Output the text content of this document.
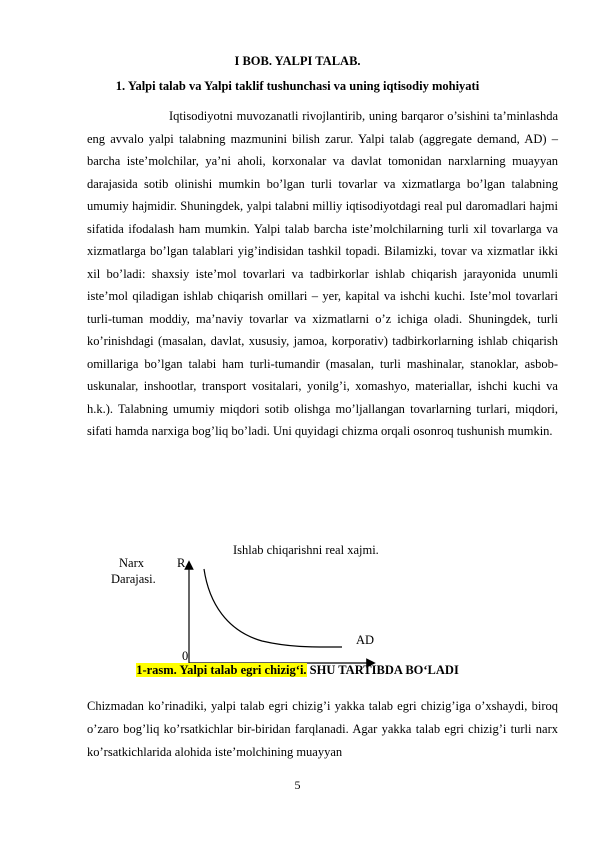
I BOB. YALPI TALAB.
1. Yalpi talab va Yalpi taklif tushunchasi va uning iqtisodiy mohiyati

Iqtisodiyotni muvozanatli rivojlantirib, uning barqaror o’sishini ta’minlashda eng avvalo yalpi talabning mazmunini bilish zarur. Yalpi talab (aggregate demand, AD) – barcha iste’molchilar, ya’ni aholi, korxonalar va davlat tomonidan narxlarning muayyan darajasida sotib olinishi mumkin bo’lgan turli tovarlar va xizmatlarga bo’lgan talabning umumiy hajmidir. Shuningdek, yalpi talabni milliy iqtisodiyotdagi real pul daromadlari hajmi sifatida ifodalash ham mumkin. Yalpi talab barcha iste’molchilarning turli xil tovarlarga va xizmatlarga bo’lgan talablari yig’indisidan tashkil topadi. Bilamizki, tovar va xizmatlar ikki xil bo’ladi: shaxsiy iste’mol tovarlari va tadbirkorlar ishlab chiqarish jarayonida unumli iste’mol qiladigan ishlab chiqarish omillari – yer, kapital va ishchi kuchi. Iste’mol tovarlari turli-tuman moddiy, ma’naviy tovarlar va xizmatlarni o’z ichiga oladi. Shuningdek, turli ko’rinishdagi (masalan, davlat, xususiy, jamoa, korporativ) tadbirkorlarning ishlab chiqarish omillariga bo’lgan talabi ham turli-tumandir (masalan, turli mashinalar, stanoklar, asbob-uskunalar, inshootlar, transport vositalari, yonilg’i, xomashyo, materiallar, ishchi kuchi va h.k.). Talabning umumiy miqdori sotib olishga mo’ljallangan tovarlarning turlari, miqdori, sifati hamda narxiga bog’liq bo’ladi. Uni quyidagi chizma orqali osonroq tushunish mumkin.

Ishlab chiqarishni real xajmi.
Narx
Darajasi.
R
0
AD
1-rasm. Yalpi talab egri chizig‘i. SHU TARTIBDA BO‘LADI

Chizmadan ko’rinadiki, yalpi talab egri chizig’i yakka talab egri chizig’iga o’xshaydi, biroq o’zaro bog’liq ko’rsatkichlar bir-biridan farqlanadi. Agar yakka talab egri chizig’i turli narx ko’rsatkichlarida alohida iste’molchining muayyan

5
